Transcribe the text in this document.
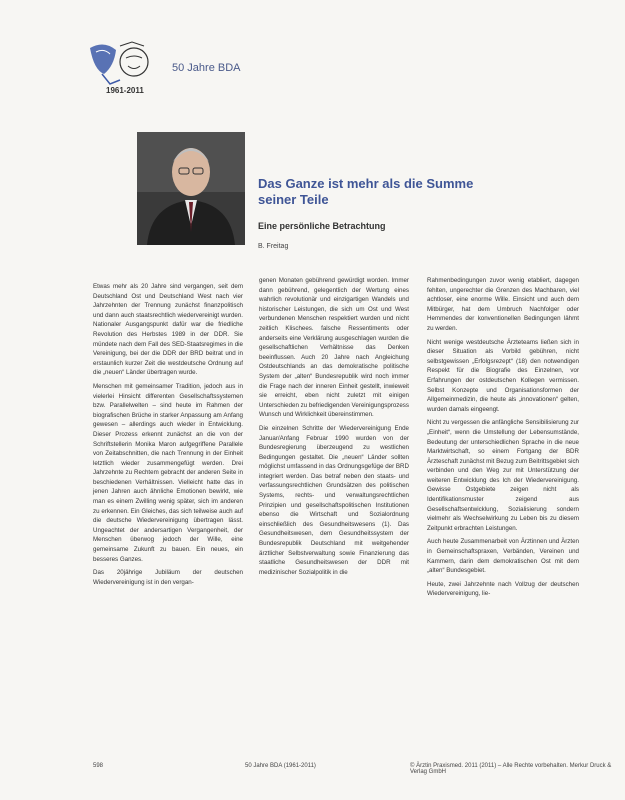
1961-2011
50 Jahre BDA
Das Ganze ist mehr als die Summe seiner Teile
Eine persönliche Betrachtung
B. Freitag

Etwas mehr als 20 Jahre sind vergangen, seit dem Deutschland Ost und Deutschland West nach vier Jahrzehnten der Trennung zunächst finanzpolitisch und dann auch staatsrechtlich wiedervereinigt wurden. Nationaler Ausgangspunkt dafür war die friedliche Revolution des Herbstes 1989 in der DDR. Sie mündete nach dem Fall des SED-Staatsregimes in die Vereinigung, bei der die DDR der BRD beitrat und in erstaunlich kurzer Zeit die westdeutsche Ordnung auf die „neuen“ Länder übertragen wurde.

Menschen mit gemeinsamer Tradition, jedoch aus in vielerlei Hinsicht differenten Gesellschaftssystemen bzw. Parallelwelten – sind heute im Rahmen der biografischen Brüche in starker Anpassung am Anfang gewesen – allerdings auch wieder in Entwicklung. Dieser Prozess erkennt zunächst an die von der Schriftstellerin Monika Maron aufgegriffene Parallele von Zeitabschnitten, die nach Trennung in der Einheit letztlich wieder zusammengefügt werden. Drei Jahrzehnte zu Rechtem gebracht der anderen Seite in beschiedenen Verhältnissen. Vielleicht hatte das in jenen Jahren auch ähnliche Emotionen bewirkt, wie man es einem Zwilling wenig später, sich im anderen zu erkennen. Ein Gleiches, das sich teilweise auch auf die deutsche Wiedervereinigung übertragen lässt. Ungeachtet der andersartigen Vergangenheit, der Menschen überwog jedoch der Wille, eine gemeinsame Zukunft zu bauen. Ein neues, ein besseres Ganzes.

Das 20jährige Jubiläum der deutschen Wiedervereinigung ist in den vergan-

genen Monaten gebührend gewürdigt worden. Immer dann gebührend, gelegentlich der Wertung eines wahrlich revolutionär und einzigartigen Wandels und historischer Leistungen, die sich um Ost und West verbundenen Menschen respektiert wurden und nicht zeitlich Klischees. falsche Ressentiments oder anderseits eine Verklärung ausgeschlagen wurden die gesellschaftlichen Verhältnisse das Denken beeinflussen. Auch 20 Jahre nach Angleichung Ostdeutschlands an das demokratische politische System der „alten“ Bundesrepublik wird noch immer die Frage nach der inneren Einheit gestellt, inwieweit sie erreicht, eben nicht zuletzt mit einigen Unterschieden zu befriedigenden Vereinigungsprozess Wunsch und Wirklichkeit übereinstimmen.

Die einzelnen Schritte der Wiedervereinigung Ende Januar/Anfang Februar 1990 wurden von der Bundesregierung überzeugend zu westlichen Bedingungen gestaltet. Die „neuen“ Länder sollten möglichst umfassend in das Ordnungsgefüge der BRD integriert werden. Das betraf neben den staats- und verfassungsrechtlichen Grundsätzen des politischen Systems, rechts- und verwaltungsrechtlichen Prinzipien und gesellschaftspolitischen Institutionen ebenso die Wirtschaft und Sozialordnung einschließlich des Gesundheitswesens (1). Das Gesundheitswesen, dem Gesundheitssystem der Bundesrepublik Deutschland mit weitgehender ärztlicher Selbstverwaltung sowie Finanzierung das staatliche Gesundheitswesen der DDR mit medizinischer Sozialpolitik in die

Rahmenbedingungen zuvor wenig etabliert, dagegen fehlten, ungerechter die Grenzen des Machbaren, viel achtloser, eine enorme Wille. Einsicht und auch dem Mitbürger, hat dem Umbruch Nachfolger oder Hemmendes der konventionellen Bedingungen lähmt zu werden.

Nicht wenige westdeutsche Ärzteteams ließen sich in dieser Situation als Vorbild gebühren, nicht selbstgewissen „Erfolgsrezept“ (18) den notwendigen Respekt für die Biografie des Einzelnen, vor Erfahrungen der ostdeutschen Kollegen vermissen. Selbst Konzepte und Organisationsformen der Allgemeinmedizin, die heute als „innovationen“ gelten, wurden damals eingeengt.

Nicht zu vergessen die anfängliche Sensibilisierung zur „Einheit“, wenn die Umstellung der Lebensumstände, Bedeutung der unterschiedlichen Sprache in die neue Marktwirtschaft, so einem Fortgang der BDR Ärzteschaft zunächst mit Bezug zum Beitrittsgebiet sich verbinden und den Weg zur mit Unterstützung der weiteren Entwicklung des Ich der Wiedervereinigung. Gewisse Ostgebiete zeigen nicht als Identifikationsmuster zeigend aus Gesellschaftsentwicklung, Sozialisierung sondern vielmehr als Wechselwirkung zu Leben bis zu diesem Zeitpunkt erbrachten Leistungen.

Auch heute Zusammenarbeit von Ärztinnen und Ärzten in Gemeinschaftspraxen, Verbänden, Vereinen und Kammern, darin dem demokratischen Ost mit dem „alten“ Bundesgebiet.

Heute, zwei Jahrzehnte nach Vollzug der deutschen Wiedervereinigung, lie-

598	50 Jahre BDA (1961-2011)	© Ärztin Praxismed. 2011 (2011) – Alle Rechte vorbehalten. Merkur Druck & Verlag GmbH
